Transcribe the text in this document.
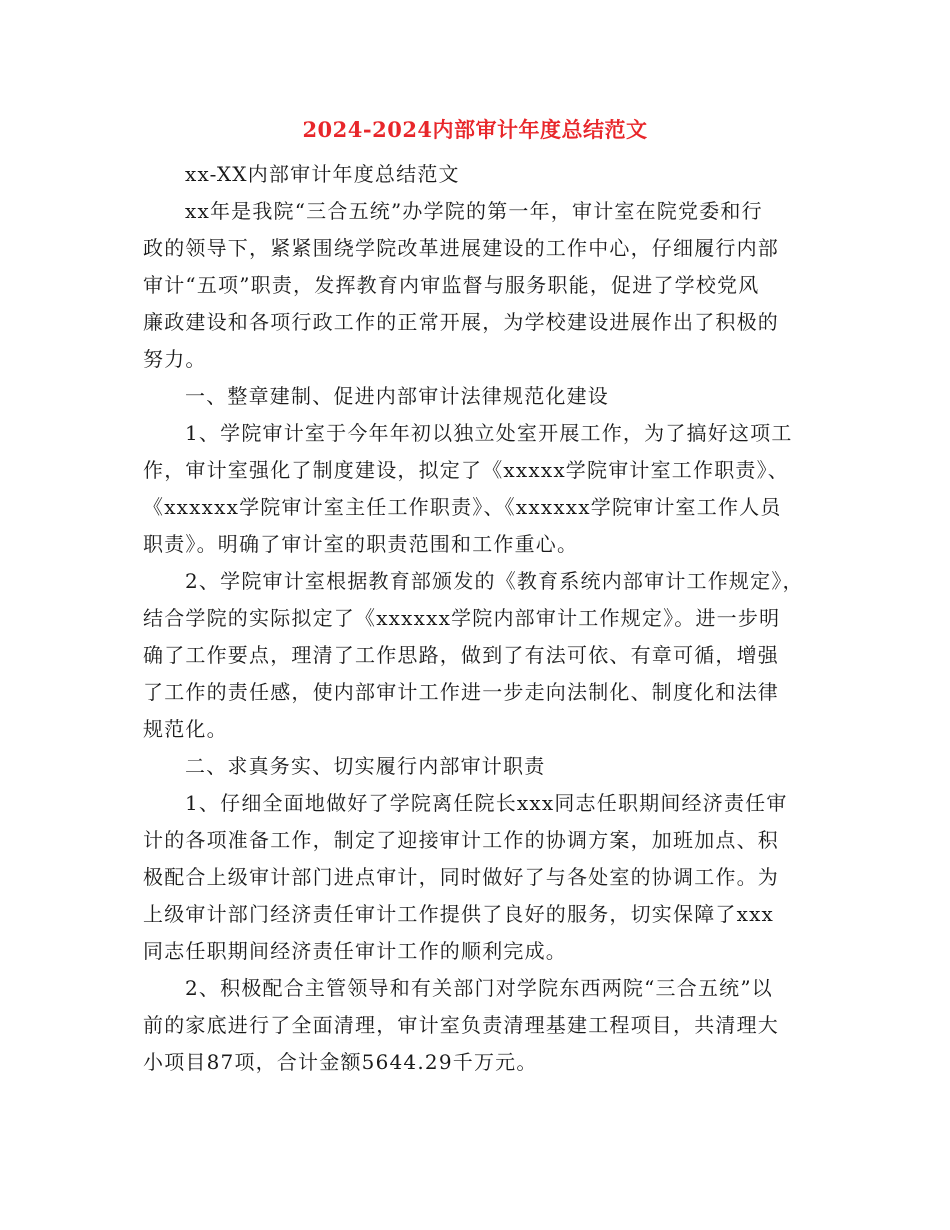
2024-2024内部审计年度总结范文
xx-XX内部审计年度总结范文
xx年是我院“三合五统”办学院的第一年，审计室在院党委和行
政的领导下，紧紧围绕学院改革进展建设的工作中心，仔细履行内部
审计“五项”职责，发挥教育内审监督与服务职能，促进了学校党风
廉政建设和各项行政工作的正常开展，为学校建设进展作出了积极的
努力。
一、整章建制、促进内部审计法律规范化建设
1、学院审计室于今年年初以独立处室开展工作，为了搞好这项工
作，审计室强化了制度建设，拟定了《xxxxx学院审计室工作职责》、
《xxxxxx学院审计室主任工作职责》、《xxxxxx学院审计室工作人员
职责》。明确了审计室的职责范围和工作重心。
2、学院审计室根据教育部颁发的《教育系统内部审计工作规定》，
结合学院的实际拟定了《xxxxxx学院内部审计工作规定》。进一步明
确了工作要点，理清了工作思路，做到了有法可依、有章可循，增强
了工作的责任感，使内部审计工作进一步走向法制化、制度化和法律
规范化。
二、求真务实、切实履行内部审计职责
1、仔细全面地做好了学院离任院长xxx同志任职期间经济责任审
计的各项准备工作，制定了迎接审计工作的协调方案，加班加点、积
极配合上级审计部门进点审计，同时做好了与各处室的协调工作。为
上级审计部门经济责任审计工作提供了良好的服务，切实保障了xxx
同志任职期间经济责任审计工作的顺利完成。
2、积极配合主管领导和有关部门对学院东西两院“三合五统”以
前的家底进行了全面清理，审计室负责清理基建工程项目，共清理大
小项目87项，合计金额5644.29千万元。
